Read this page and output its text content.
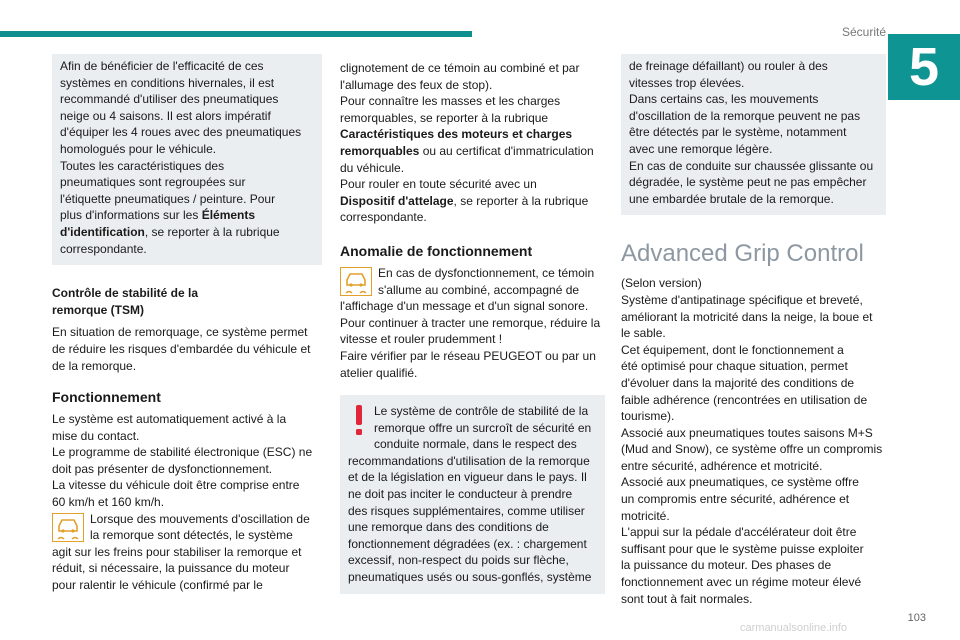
Sécurité
5
Afin de bénéficier de l'efficacité de ces
systèmes en conditions hivernales, il est
recommandé d'utiliser des pneumatiques
neige ou 4 saisons. Il est alors impératif
d'équiper les 4 roues avec des pneumatiques
homologués pour le véhicule.
Toutes les caractéristiques des
pneumatiques sont regroupées sur
l'étiquette pneumatiques / peinture. Pour
plus d'informations sur les Éléments
d'identification, se reporter à la rubrique
correspondante.
Contrôle de stabilité de la
remorque (TSM)

En situation de remorquage, ce système permet
de réduire les risques d'embardée du véhicule et
de la remorque.

Fonctionnement

Le système est automatiquement activé à la
mise du contact.
Le programme de stabilité électronique (ESC) ne
doit pas présenter de dysfonctionnement.
La vitesse du véhicule doit être comprise entre
60 km/h et 160 km/h.

Lorsque des mouvements d'oscillation de
la remorque sont détectés, le système
agit sur les freins pour stabiliser la remorque et
réduit, si nécessaire, la puissance du moteur
pour ralentir le véhicule (confirmé par le

clignotement de ce témoin au combiné et par
l'allumage des feux de stop).
Pour connaître les masses et les charges
remorquables, se reporter à la rubrique
Caractéristiques des moteurs et charges
remorquables ou au certificat d'immatriculation
du véhicule.
Pour rouler en toute sécurité avec un
Dispositif d'attelage, se reporter à la rubrique
correspondante.

Anomalie de fonctionnement

En cas de dysfonctionnement, ce témoin
s'allume au combiné, accompagné de
l'affichage d'un message et d'un signal sonore.
Pour continuer à tracter une remorque, réduire la
vitesse et rouler prudemment !
Faire vérifier par le réseau PEUGEOT ou par un
atelier qualifié.

Le système de contrôle de stabilité de la
remorque offre un surcroît de sécurité en
conduite normale, dans le respect des
recommandations d'utilisation de la remorque
et de la législation en vigueur dans le pays. Il
ne doit pas inciter le conducteur à prendre
des risques supplémentaires, comme utiliser
une remorque dans des conditions de
fonctionnement dégradées (ex. : chargement
excessif, non-respect du poids sur flèche,
pneumatiques usés ou sous-gonflés, système

de freinage défaillant) ou rouler à des
vitesses trop élevées.
Dans certains cas, les mouvements
d'oscillation de la remorque peuvent ne pas
être détectés par le système, notamment
avec une remorque légère.
En cas de conduite sur chaussée glissante ou
dégradée, le système peut ne pas empêcher
une embardée brutale de la remorque.
Advanced Grip Control

(Selon version)
Système d'antipatinage spécifique et breveté,
améliorant la motricité dans la neige, la boue et
le sable.
Cet équipement, dont le fonctionnement a
été optimisé pour chaque situation, permet
d'évoluer dans la majorité des conditions de
faible adhérence (rencontrées en utilisation de
tourisme).
Associé aux pneumatiques toutes saisons M+S
(Mud and Snow), ce système offre un compromis
entre sécurité, adhérence et motricité.
Associé aux pneumatiques, ce système offre
un compromis entre sécurité, adhérence et
motricité.
L'appui sur la pédale d'accélérateur doit être
suffisant pour que le système puisse exploiter
la puissance du moteur. Des phases de
fonctionnement avec un régime moteur élevé
sont tout à fait normales.

103
carmanualsonline.info
